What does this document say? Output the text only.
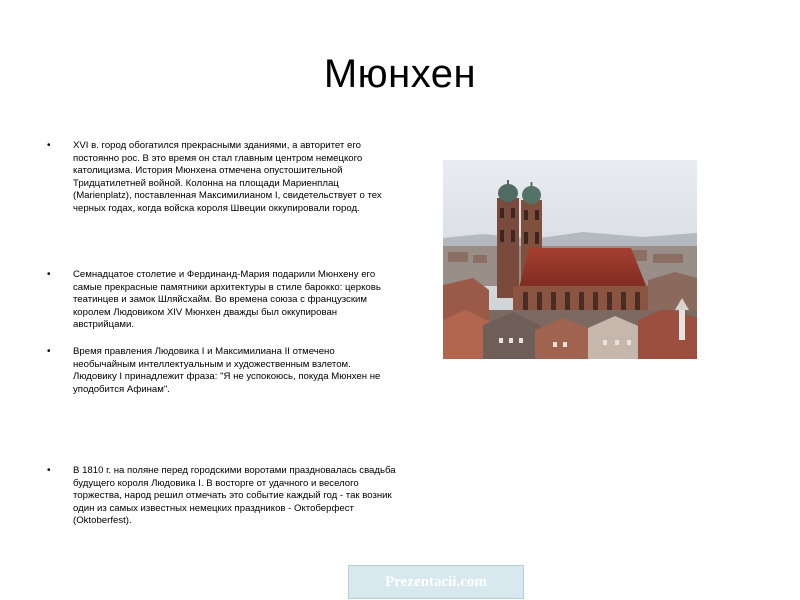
Мюнхен
• XVI в. город обогатился прекрасными зданиями, а авторитет его постоянно рос. В это время он стал главным центром немецкого католицизма. История Мюнхена отмечена опустошительной Тридцатилетней войной. Колонна на площади Мариенплац (Marienplatz), поставленная Максимилианом I, свидетельствует о тех черных годах, когда войска короля Швеции оккупировали город.
• Семнадцатое столетие и Фердинанд-Мария подарили Мюнхену его самые прекрасные памятники архитектуры в стиле барокко: церковь театинцев и замок Шляйсхайм. Во времена союза с французским королем Людовиком XIV Мюнхен дважды был оккупирован австрийцами.
• Время правления Людовика I и Максимилиана II отмечено необычайным интеллектуальным и художественным взлетом. Людовику I принадлежит фраза: "Я не успокоюсь, покуда Мюнхен не уподобится Афинам".
• В 1810 г. на поляне перед городскими воротами праздновалась свадьба будущего короля Людовика I. В восторге от удачного и веселого торжества, народ решил отмечать это событие каждый год - так возник один из самых известных немецких праздников - Октоберфест (Oktoberfest).
Prezentacii.com
